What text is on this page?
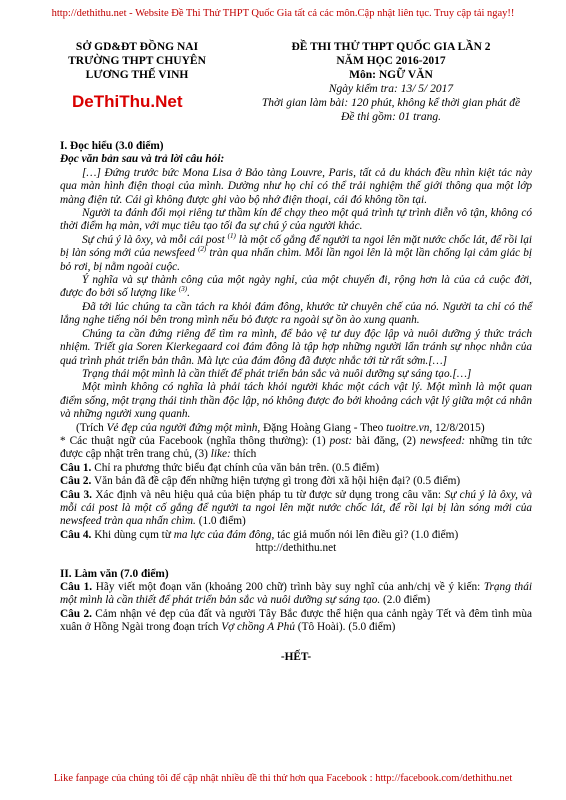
http://dethithu.net - Website Đề Thi Thử THPT Quốc Gia tất cả các môn.Cập nhật liên tục. Truy cập tải ngay!!
SỞ GD&ĐT ĐỒNG NAI
TRƯỜNG THPT CHUYÊN
LƯƠNG THẾ VINH
DeThiThu.Net
ĐỀ THI THỬ THPT QUỐC GIA LẦN 2
NĂM HỌC 2016-2017
Môn: NGỮ VĂN
Ngày kiểm tra: 13/ 5/ 2017
Thời gian làm bài: 120 phút, không kể thời gian phát đề
Đề thi gồm: 01 trang.

I. Đọc hiểu (3.0 điểm)

Đọc văn bản sau và trả lời câu hỏi:

[…] Đứng trước bức Mona Lisa ở Bảo tàng Louvre, Paris, tất cả du khách đều nhìn kiệt tác này qua màn hình điện thoại của mình. Dường như họ chỉ có thể trải nghiệm thế giới thông qua một lớp màng điện tử. Cái gì không được ghi vào bộ nhớ điện thoại, cái đó không tồn tại.

Người ta đánh đổi mọi riêng tư thầm kín để chạy theo một quá trình tự trình diễn vô tận, không có thời điểm hạ màn, với mục tiêu tạo tối đa sự chú ý của người khác.

Sự chú ý là ôxy, và mỗi cái post $^{(1)}$ là một cố gắng để người ta ngoi lên mặt nước chốc lát, để rồi lại bị làn sóng mới của newsfeed $^{(2)}$ tràn qua nhấn chìm. Mỗi lần ngoi lên là một lần chống lại cảm giác bị bỏ rơi, bị nằm ngoài cuộc.

Ý nghĩa và sự thành công của một ngày nghỉ, của một chuyến đi, rộng hơn là của cả cuộc đời, được đo bởi số lượng like $^{(3)}$.

Đã tới lúc chúng ta cần tách ra khỏi đám đông, khước từ chuyên chế của nó. Người ta chỉ có thể lắng nghe tiếng nói bên trong mình nếu bỏ được ra ngoài sự ồn ào xung quanh.

Chúng ta cần đứng riêng để tìm ra mình, để bảo vệ tư duy độc lập và nuôi dưỡng ý thức trách nhiệm. Triết gia Soren Kierkegaard coi đám đông là tập hợp những người lẩn tránh sự nhọc nhằn của quá trình phát triển bản thân. Mà lực của đám đông đã được nhắc tới từ rất sớm.[…]

Trạng thái một mình là cần thiết để phát triển bản sắc và nuôi dưỡng sự sáng tạo.[…]

Một mình không có nghĩa là phải tách khỏi người khác một cách vật lý. Một mình là một quan điểm sống, một trạng thái tinh thần độc lập, nó không được đo bởi khoảng cách vật lý giữa một cá nhân và những người xung quanh.

(Trích Vẻ đẹp của người đứng một mình, Đặng Hoàng Giang - Theo tuoitre.vn, 12/8/2015)

* Các thuật ngữ của Facebook (nghĩa thông thường): (1) post: bài đăng, (2) newsfeed: những tin tức được cập nhật trên trang chủ, (3) like: thích

Câu 1. Chỉ ra phương thức biểu đạt chính của văn bản trên. (0.5 điểm)

Câu 2. Văn bản đã đề cập đến những hiện tượng gì trong đời xã hội hiện đại? (0.5 điểm)

Câu 3. Xác định và nêu hiệu quả của biện pháp tu từ được sử dụng trong câu văn: Sự chú ý là ôxy, và mỗi cái post là một cố gắng để người ta ngoi lên mặt nước chốc lát, để rồi lại bị làn sóng mới của newsfeed tràn qua nhấn chìm. (1.0 điểm)

Câu 4. Khi dùng cụm từ ma lực của đám đông, tác giả muốn nói lên điều gì? (1.0 điểm)

http://dethithu.net

II. Làm văn (7.0 điểm)

Câu 1. Hãy viết một đoạn văn (khoảng 200 chữ) trình bày suy nghĩ của anh/chị về ý kiến: Trạng thái một mình là cần thiết để phát triển bản sắc và nuôi dưỡng sự sáng tạo. (2.0 điểm)

Câu 2. Cảm nhận vẻ đẹp của đất và người Tây Bắc được thể hiện qua cảnh ngày Tết và đêm tình mùa xuân ở Hồng Ngài trong đoạn trích Vợ chồng A Phủ (Tô Hoài). (5.0 điểm)

-HẾT-

Like fanpage của chúng tôi để cập nhật nhiều đề thi thử hơn qua Facebook : http://facebook.com/dethithu.net
